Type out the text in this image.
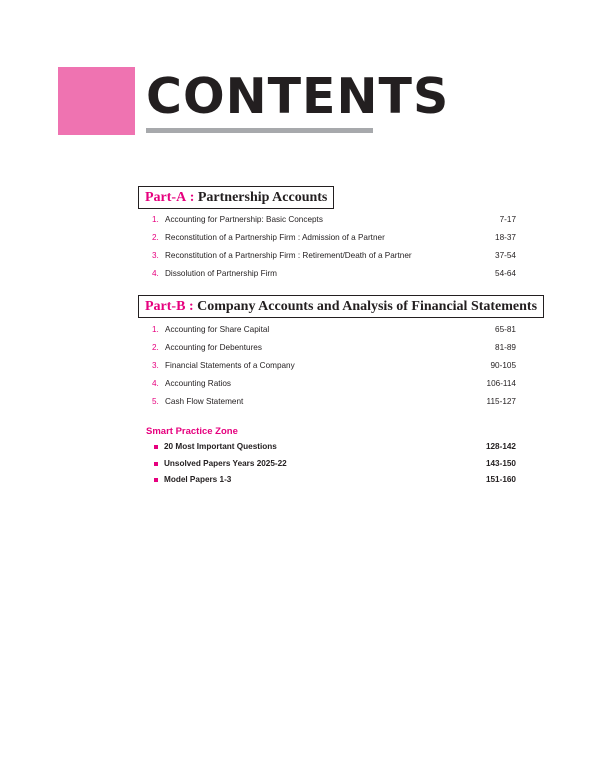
CONTENTS
Part-A : Partnership Accounts
1. Accounting for Partnership: Basic Concepts	7-17
2. Reconstitution of a Partnership Firm : Admission of a Partner	18-37
3. Reconstitution of a Partnership Firm : Retirement/Death of a Partner	37-54
4. Dissolution of Partnership Firm	54-64
Part-B : Company Accounts and Analysis of Financial Statements
1. Accounting for Share Capital	65-81
2. Accounting for Debentures	81-89
3. Financial Statements of a Company	90-105
4. Accounting Ratios	106-114
5. Cash Flow Statement	115-127
Smart Practice Zone
20 Most Important Questions	128-142
Unsolved Papers Years 2025-22	143-150
Model Papers 1-3	151-160
